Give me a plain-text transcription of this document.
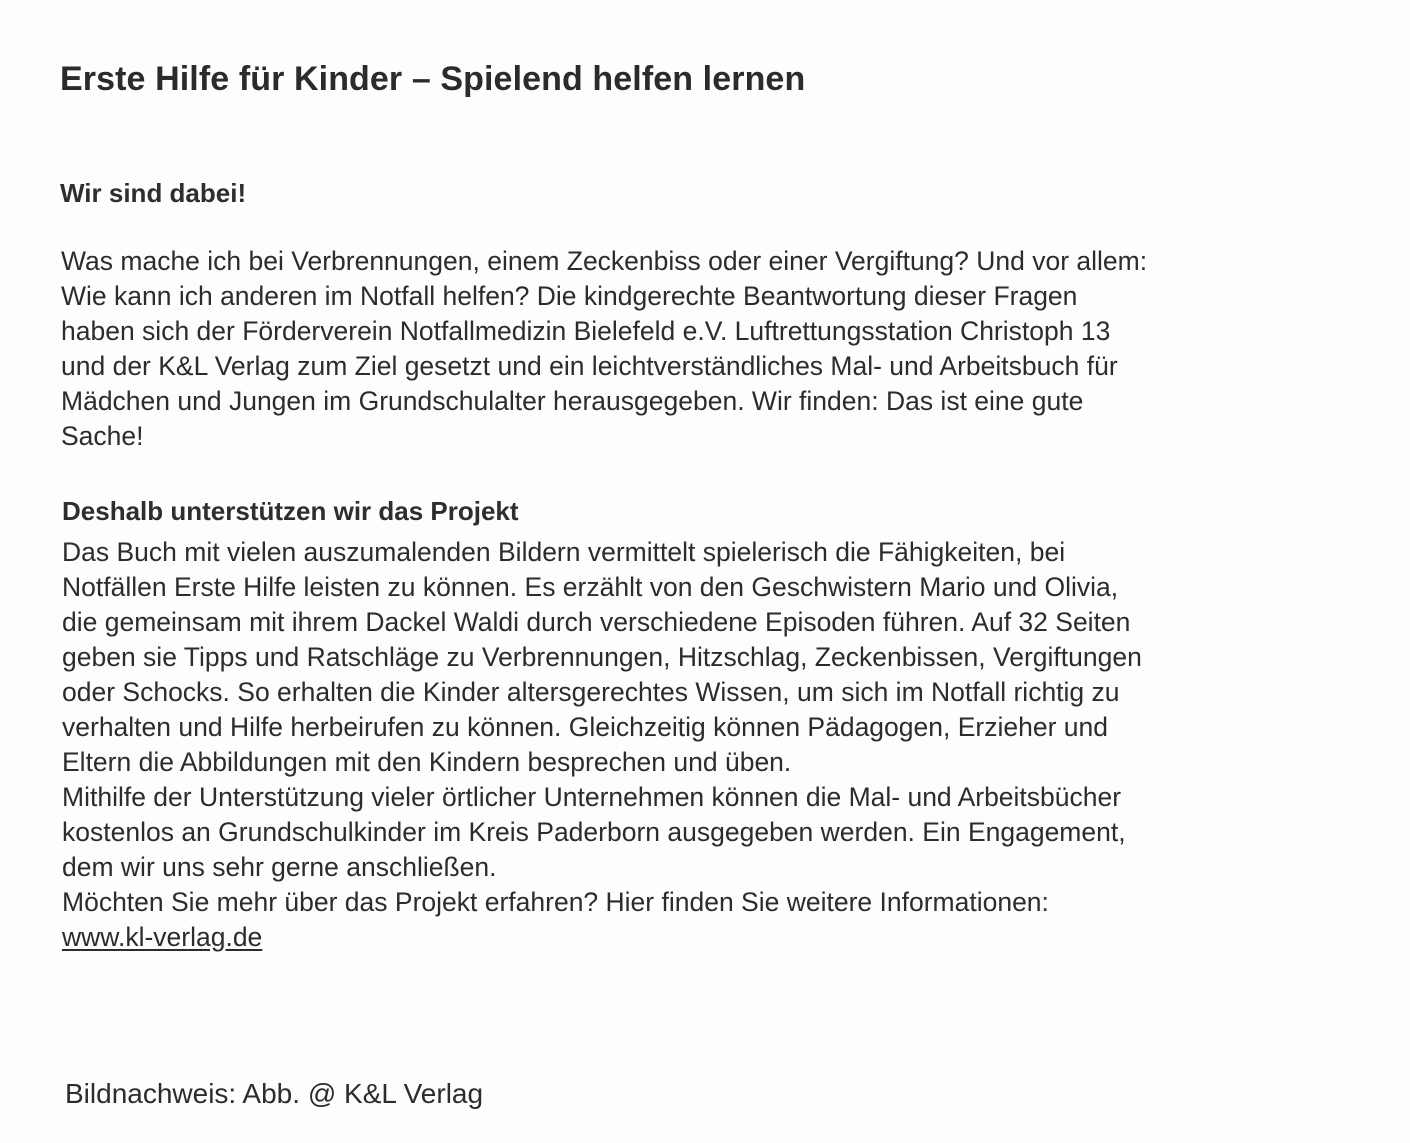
Erste Hilfe für Kinder – Spielend helfen lernen
Wir sind dabei!

Was mache ich bei Verbrennungen, einem Zeckenbiss oder einer Vergiftung? Und vor allem:
Wie kann ich anderen im Notfall helfen? Die kindgerechte Beantwortung dieser Fragen
haben sich der Förderverein Notfallmedizin Bielefeld e.V. Luftrettungsstation Christoph 13
und der K&L Verlag zum Ziel gesetzt und ein leichtverständliches Mal- und Arbeitsbuch für
Mädchen und Jungen im Grundschulalter herausgegeben. Wir finden: Das ist eine gute
Sache!

Deshalb unterstützen wir das Projekt

Das Buch mit vielen auszumalenden Bildern vermittelt spielerisch die Fähigkeiten, bei
Notfällen Erste Hilfe leisten zu können. Es erzählt von den Geschwistern Mario und Olivia,
die gemeinsam mit ihrem Dackel Waldi durch verschiedene Episoden führen. Auf 32 Seiten
geben sie Tipps und Ratschläge zu Verbrennungen, Hitzschlag, Zeckenbissen, Vergiftungen
oder Schocks. So erhalten die Kinder altersgerechtes Wissen, um sich im Notfall richtig zu
verhalten und Hilfe herbeirufen zu können. Gleichzeitig können Pädagogen, Erzieher und
Eltern die Abbildungen mit den Kindern besprechen und üben.
Mithilfe der Unterstützung vieler örtlicher Unternehmen können die Mal- und Arbeitsbücher
kostenlos an Grundschulkinder im Kreis Paderborn ausgegeben werden. Ein Engagement,
dem wir uns sehr gerne anschließen.
Möchten Sie mehr über das Projekt erfahren? Hier finden Sie weitere Informationen:
www.kl-verlag.de

Bildnachweis: Abb. @ K&L Verlag
